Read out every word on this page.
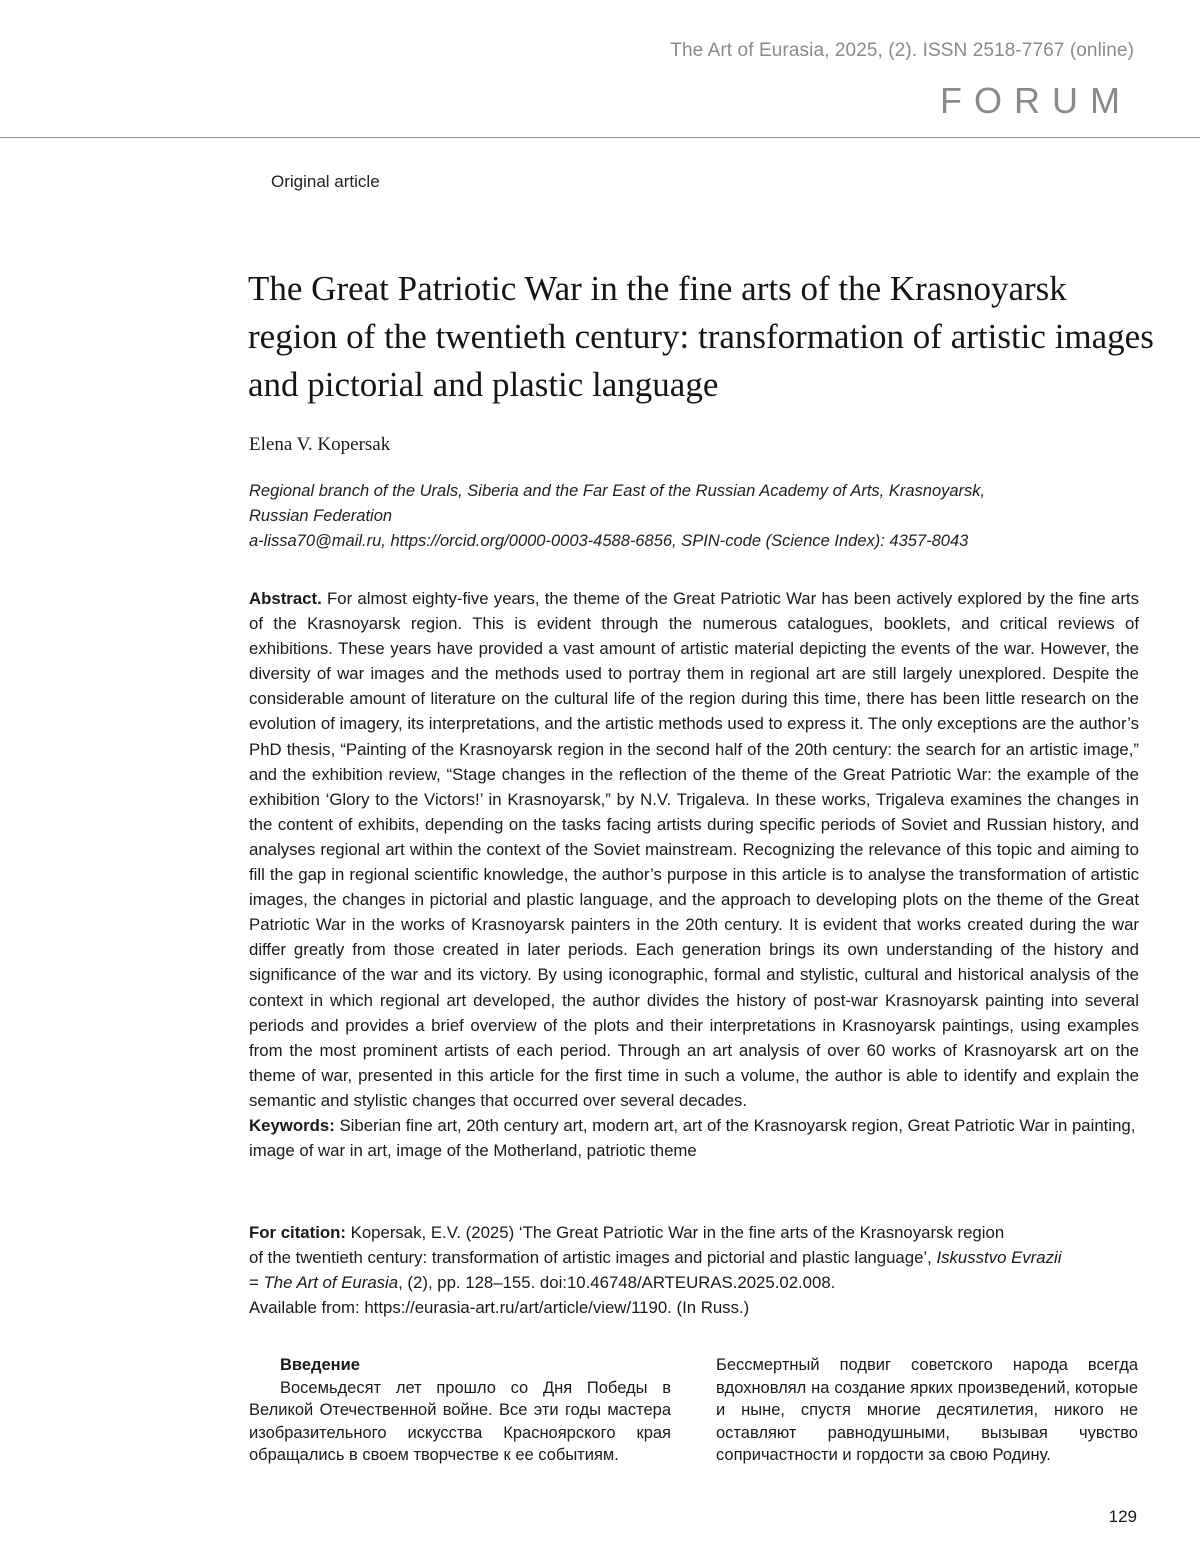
The Art of Eurasia, 2025, (2). ISSN 2518-7767 (online)
FORUM
Original article
The Great Patriotic War in the fine arts of the Krasnoyarsk region of the twentieth century: transformation of artistic images and pictorial and plastic language
Elena V. Kopersak
Regional branch of the Urals, Siberia and the Far East of the Russian Academy of Arts, Krasnoyarsk,
Russian Federation
a-lissa70@mail.ru, https://orcid.org/0000-0003-4588-6856, SPIN-code (Science Index): 4357-8043

Abstract. For almost eighty-five years, the theme of the Great Patriotic War has been actively explored by the fine arts of the Krasnoyarsk region. This is evident through the numerous catalogues, booklets, and critical reviews of exhibitions. These years have provided a vast amount of artistic material depicting the events of the war. However, the diversity of war images and the methods used to portray them in regional art are still largely unexplored. Despite the considerable amount of literature on the cultural life of the region during this time, there has been little research on the evolution of imagery, its interpretations, and the artistic methods used to express it. The only exceptions are the author’s PhD thesis, “Painting of the Krasnoyarsk region in the second half of the 20th century: the search for an artistic image,” and the exhibition review, “Stage changes in the reflection of the theme of the Great Patriotic War: the example of the exhibition ‘Glory to the Victors!’ in Krasnoyarsk,” by N.V. Trigaleva. In these works, Trigaleva examines the changes in the content of exhibits, depending on the tasks facing artists during specific periods of Soviet and Russian history, and analyses regional art within the context of the Soviet mainstream. Recognizing the relevance of this topic and aiming to fill the gap in regional scientific knowledge, the author’s purpose in this article is to analyse the transformation of artistic images, the changes in pictorial and plastic language, and the approach to developing plots on the theme of the Great Patriotic War in the works of Krasnoyarsk painters in the 20th century. It is evident that works created during the war differ greatly from those created in later periods. Each generation brings its own understanding of the history and significance of the war and its victory. By using iconographic, formal and stylistic, cultural and historical analysis of the context in which regional art developed, the author divides the history of post-war Krasnoyarsk painting into several periods and provides a brief overview of the plots and their interpretations in Krasnoyarsk paintings, using examples from the most prominent artists of each period. Through an art analysis of over 60 works of Krasnoyarsk art on the theme of war, presented in this article for the first time in such a volume, the author is able to identify and explain the semantic and stylistic changes that occurred over several decades.

Keywords: Siberian fine art, 20th century art, modern art, art of the Krasnoyarsk region, Great Patriotic War in painting, image of war in art, image of the Motherland, patriotic theme

For citation: Kopersak, E.V. (2025) ‘The Great Patriotic War in the fine arts of the Krasnoyarsk region

of the twentieth century: transformation of artistic images and pictorial and plastic language’, Iskusstvo Evrazii

= The Art of Eurasia, (2), pp. 128–155. doi:10.46748/ARTEURAS.2025.02.008.

Available from: https://eurasia-art.ru/art/article/view/1190. (In Russ.)

Введение

Восемьдесят лет прошло со Дня Победы в Великой Отечественной войне. Все эти годы мастера изобразительного искусства Красноярского края обращались в своем творчестве к ее событиям.

Бессмертный подвиг советского народа всегда вдохновлял на создание ярких произведений, которые и ныне, спустя многие десятилетия, никого не оставляют равнодушными, вызывая чувство сопричастности и гордости за свою Родину.

129
